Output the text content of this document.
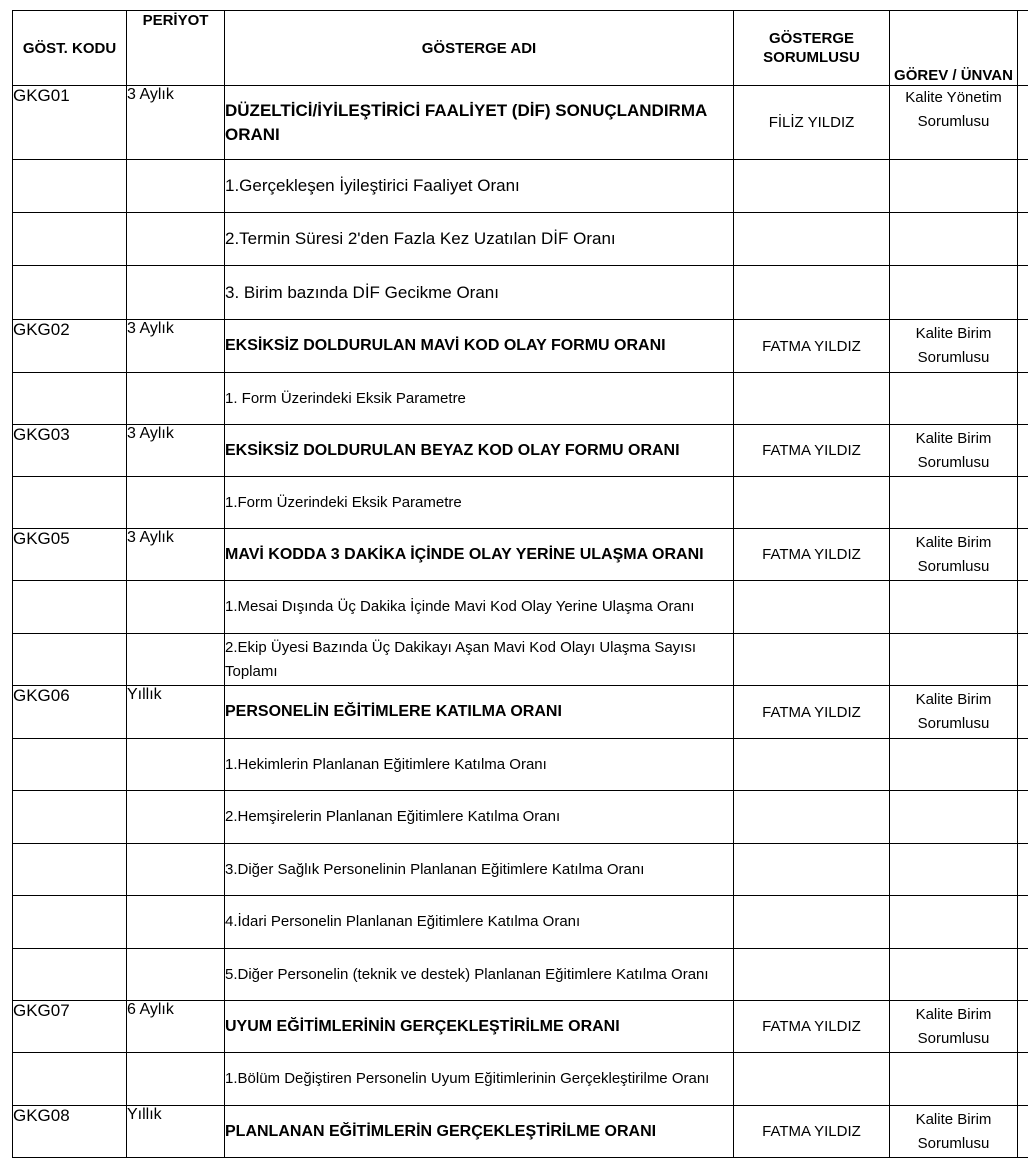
GÖST. KODU	PERİYOT	GÖSTERGE ADI	GÖSTERGE SORUMLUSU	GÖREV / ÜNVAN	
GKG01	3 Aylık	DÜZELTİCİ/İYİLEŞTİRİCİ FAALİYET (DİF) SONUÇLANDIRMA ORANI	FİLİZ YILDIZ	Kalite Yönetim Sorumlusu	
		1.Gerçekleşen İyileştirici Faaliyet Oranı			
		2.Termin Süresi 2'den Fazla Kez Uzatılan DİF Oranı			
		3. Birim bazında DİF Gecikme Oranı			
GKG02	3 Aylık	EKSİKSİZ DOLDURULAN MAVİ KOD OLAY FORMU ORANI	FATMA YILDIZ	Kalite Birim Sorumlusu	
		1. Form Üzerindeki Eksik Parametre			
GKG03	3 Aylık	EKSİKSİZ DOLDURULAN BEYAZ KOD OLAY FORMU ORANI	FATMA YILDIZ	Kalite Birim Sorumlusu	
		1.Form Üzerindeki Eksik Parametre			
GKG05	3 Aylık	MAVİ KODDA 3 DAKİKA İÇİNDE OLAY YERİNE ULAŞMA ORANI	FATMA YILDIZ	Kalite Birim Sorumlusu	
		1.Mesai Dışında Üç Dakika İçinde Mavi Kod Olay Yerine Ulaşma Oranı			
		2.Ekip Üyesi Bazında Üç Dakikayı Aşan Mavi Kod Olayı Ulaşma Sayısı Toplamı			
GKG06	Yıllık	PERSONELİN EĞİTİMLERE KATILMA ORANI	FATMA YILDIZ	Kalite Birim Sorumlusu	
		1.Hekimlerin Planlanan Eğitimlere Katılma Oranı			
		2.Hemşirelerin Planlanan Eğitimlere Katılma Oranı			
		3.Diğer Sağlık Personelinin Planlanan Eğitimlere Katılma Oranı			
		4.İdari Personelin Planlanan Eğitimlere Katılma Oranı			
		5.Diğer Personelin (teknik ve destek) Planlanan Eğitimlere Katılma Oranı			
GKG07	6 Aylık	UYUM EĞİTİMLERİNİN GERÇEKLEŞTİRİLME ORANI	FATMA YILDIZ	Kalite Birim Sorumlusu	
		1.Bölüm Değiştiren Personelin Uyum Eğitimlerinin Gerçekleştirilme Oranı			
GKG08	Yıllık	PLANLANAN EĞİTİMLERİN GERÇEKLEŞTİRİLME ORANI	FATMA YILDIZ	Kalite Birim Sorumlusu	
